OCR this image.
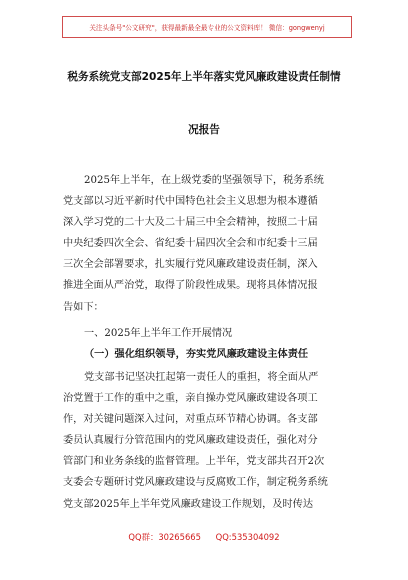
关注头条号"公文研究"，获得最新最全最专业的公文资料库！ 微信：gongwenyj
税务系统党支部2025年上半年落实党风廉政建设责任制情
况报告
2025年上半年，在上级党委的坚强领导下，税务系统
党支部以习近平新时代中国特色社会主义思想为根本遵循
深入学习党的二十大及二十届三中全会精神，按照二十届
中央纪委四次全会、省纪委十届四次全会和市纪委十三届
三次全会部署要求，扎实履行党风廉政建设责任制，深入
推进全面从严治党，取得了阶段性成果。现将具体情况报
告如下：
一、2025年上半年工作开展情况
（一）强化组织领导，夯实党风廉政建设主体责任
党支部书记坚决扛起第一责任人的重担，将全面从严
治党置于工作的重中之重，亲自操办党风廉政建设各项工
作，对关键问题深入过问，对重点环节精心协调。各支部
委员认真履行分管范围内的党风廉政建设责任，强化对分
管部门和业务条线的监督管理。上半年，党支部共召开2次
支委会专题研讨党风廉政建设与反腐败工作，制定税务系统
党支部2025年上半年党风廉政建设工作规划，及时传达
QQ群：30265665 QQ:535304092
